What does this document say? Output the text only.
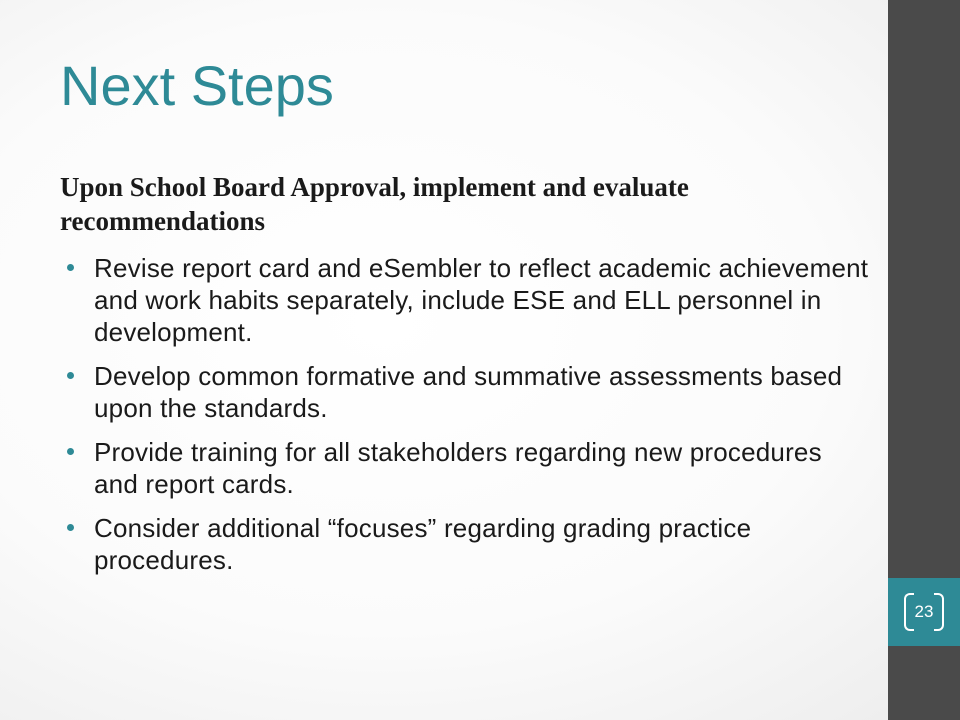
23
Next Steps

Upon School Board Approval, implement and evaluate recommendations

Revise report card and eSembler to reflect academic achievement and work habits separately, include ESE and ELL personnel in development.
Develop common formative and summative assessments based upon the standards.
Provide training for all stakeholders regarding new procedures and report cards.
Consider additional “focuses” regarding grading practice procedures.
